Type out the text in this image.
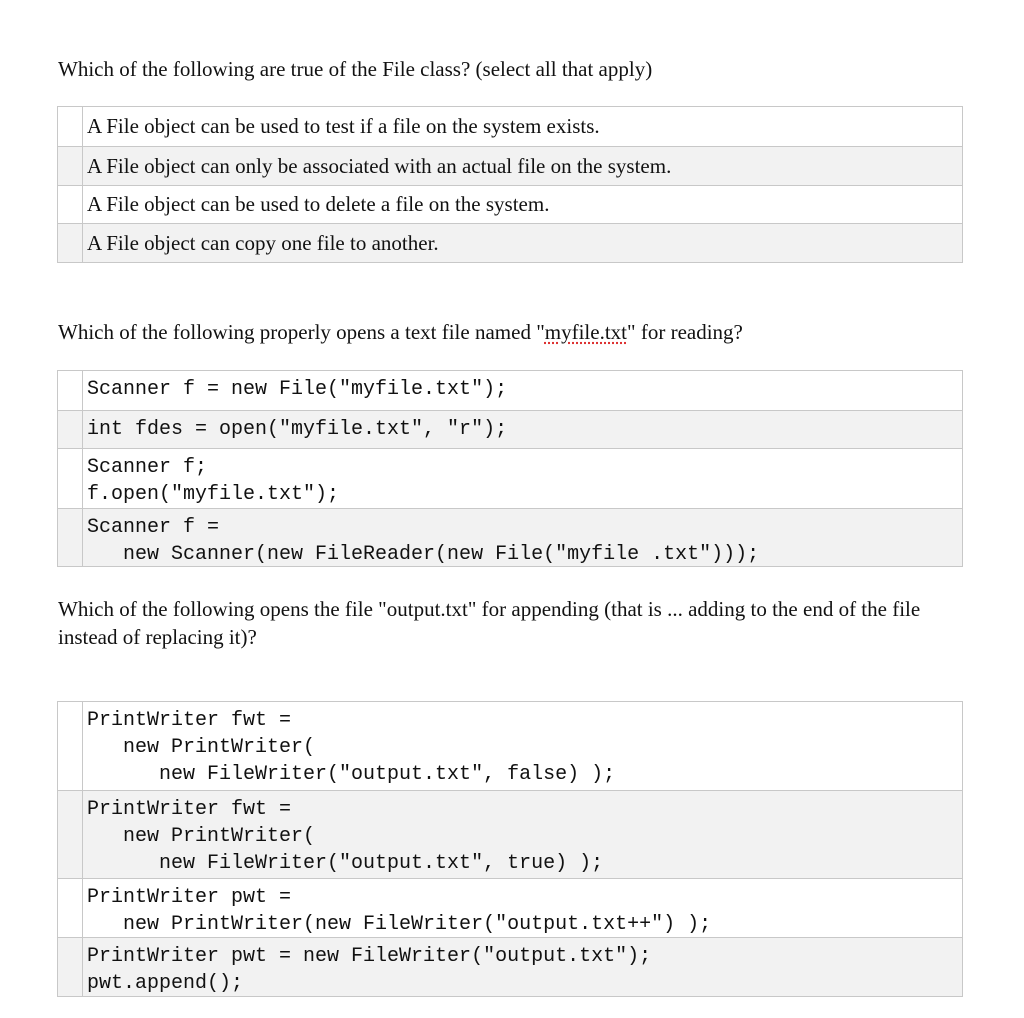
Which of the following are true of the File class? (select all that apply)

A File object can be used to test if a file on the system exists.
A File object can only be associated with an actual file on the system.
A File object can be used to delete a file on the system.
A File object can copy one file to another.

Which of the following properly opens a text file named "myfile.txt" for reading?

Scanner f = new File("myfile.txt");
int fdes = open("myfile.txt", "r");
Scanner f;
f.open("myfile.txt");
Scanner f =
new Scanner(new FileReader(new File("myfile .txt")));

Which of the following opens the file "output.txt" for appending (that is ... adding to the end of the file instead of replacing it)?

PrintWriter fwt =
new PrintWriter(
new FileWriter("output.txt", false) );
PrintWriter fwt =
new PrintWriter(
new FileWriter("output.txt", true) );
PrintWriter pwt =
new PrintWriter(new FileWriter("output.txt++") );
PrintWriter pwt = new FileWriter("output.txt");
pwt.append();
